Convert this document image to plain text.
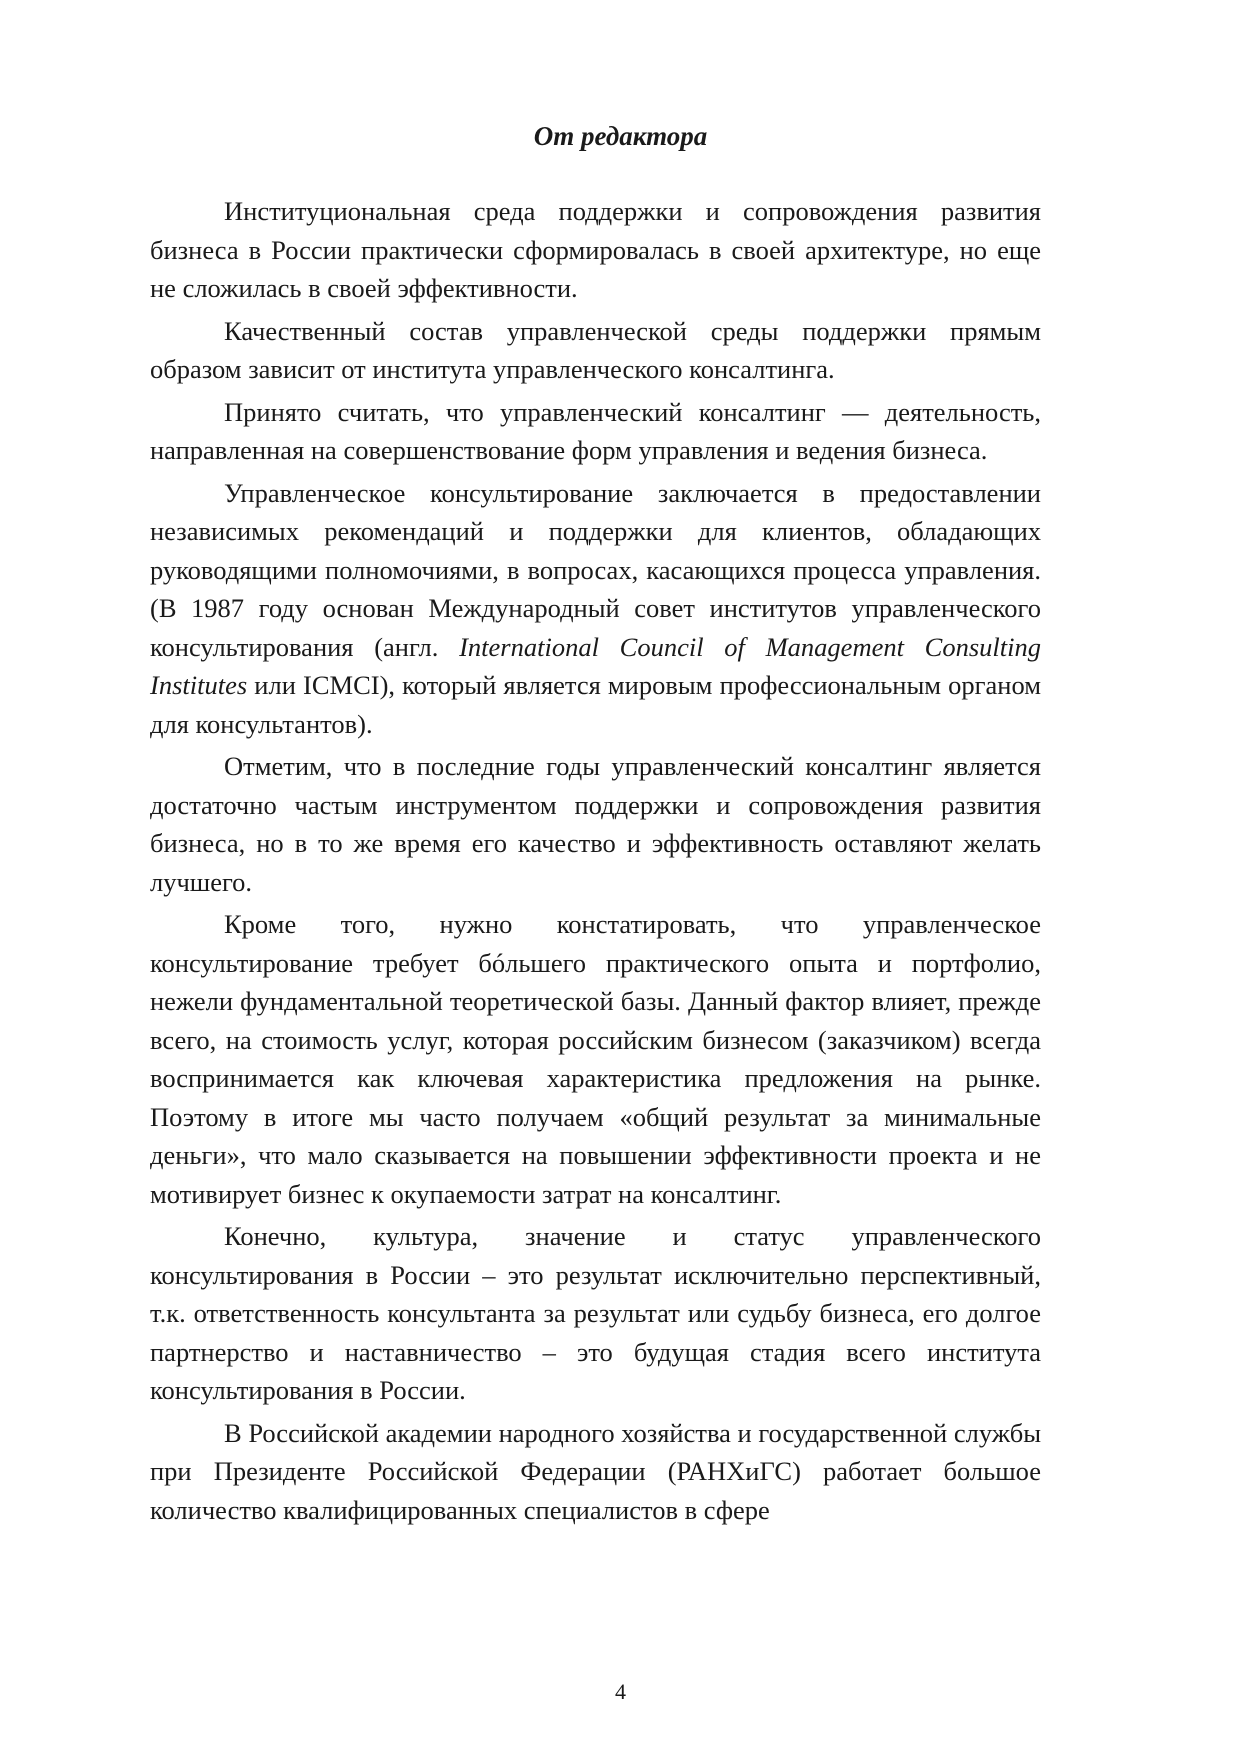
От редактора

Институциональная среда поддержки и сопровождения развития бизнеса в России практически сформировалась в своей архитектуре, но еще не сложилась в своей эффективности.

Качественный состав управленческой среды поддержки прямым образом зависит от института управленческого консалтинга.

Принято считать, что управленческий консалтинг — деятельность, направленная на совершенствование форм управления и ведения бизнеса.

Управленческое консультирование заключается в предоставлении независимых рекомендаций и поддержки для клиентов, обладающих руководящими полномочиями, в вопросах, касающихся процесса управления. (В 1987 году основан Международный совет институтов управленческого консультирования (англ. International Council of Management Consulting Institutes или ICMCI), который является мировым профессиональным органом для консультантов).

Отметим, что в последние годы управленческий консалтинг является достаточно частым инструментом поддержки и сопровождения развития бизнеса, но в то же время его качество и эффективность оставляют желать лучшего.

Кроме того, нужно констатировать, что управленческое консультирование требует бóльшего практического опыта и портфолио, нежели фундаментальной теоретической базы. Данный фактор влияет, прежде всего, на стоимость услуг, которая российским бизнесом (заказчиком) всегда воспринимается как ключевая характеристика предложения на рынке. Поэтому в итоге мы часто получаем «общий результат за минимальные деньги», что мало сказывается на повышении эффективности проекта и не мотивирует бизнес к окупаемости затрат на консалтинг.

Конечно, культура, значение и статус управленческого консультирования в России – это результат исключительно перспективный, т.к. ответственность консультанта за результат или судьбу бизнеса, его долгое партнерство и наставничество – это будущая стадия всего института консультирования в России.

В Российской академии народного хозяйства и государственной службы при Президенте Российской Федерации (РАНХиГС) работает большое количество квалифицированных специалистов в сфере

4
